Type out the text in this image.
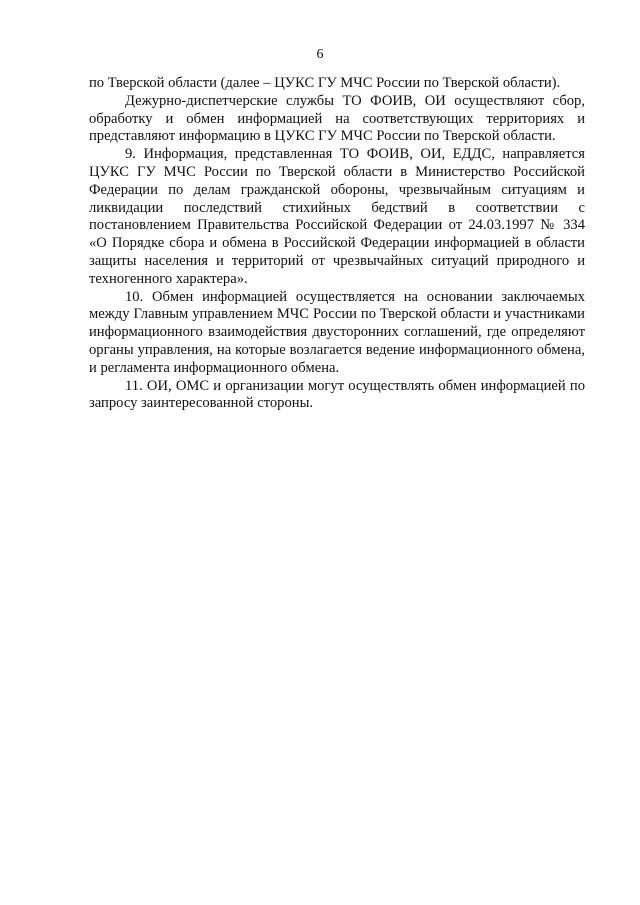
6

по Тверской области (далее – ЦУКС ГУ МЧС России по Тверской области).

Дежурно-диспетчерские службы ТО ФОИВ, ОИ осуществляют сбор, обработку и обмен информацией на соответствующих территориях и представляют информацию в ЦУКС ГУ МЧС России по Тверской области.

9. Информация, представленная ТО ФОИВ, ОИ, ЕДДС, направляется ЦУКС ГУ МЧС России по Тверской области в Министерство Российской Федерации по делам гражданской обороны, чрезвычайным ситуациям и ликвидации последствий стихийных бедствий в соответствии с постановлением Правительства Российской Федерации от 24.03.1997 № 334 «О Порядке сбора и обмена в Российской Федерации информацией в области защиты населения и территорий от чрезвычайных ситуаций природного и техногенного характера».

10. Обмен информацией осуществляется на основании заключаемых между Главным управлением МЧС России по Тверской области и участниками информационного взаимодействия двусторонних соглашений, где определяют органы управления, на которые возлагается ведение информационного обмена, и регламента информационного обмена.

11. ОИ, ОМС и организации могут осуществлять обмен информацией по запросу заинтересованной стороны.
